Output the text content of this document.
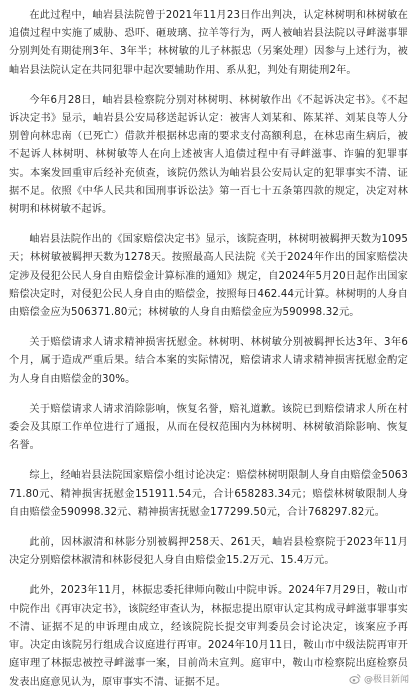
在此过程中，岫岩县法院曾于2021年11月23日作出判决，认定林树明和林树敏在追债过程中实施了威胁、恐吓、砸玻璃、拉羊等行为，两人被岫岩县法院以寻衅滋事罪分别判处有期徒刑3年、3年半；林树敏的儿子林振忠（另案处理）因参与上述行为，被岫岩县法院认定在共同犯罪中起次要辅助作用、系从犯，判处有期徒刑2年。

今年6月28日，岫岩县检察院分别对林树明、林树敏作出《不起诉决定书》。《不起诉决定书》显示，岫岩县公安局移送起诉认定：被害人刘某和、陈某祥、刘某良等人分别曾向林忠南（已死亡）借款并根据林忠南的要求支付高额利息，在林忠南生病后，被不起诉人林树明、林树敏等人在向上述被害人追债过程中有寻衅滋事、诈骗的犯罪事实。本案发回重审后经补充侦查，该院仍然认为岫岩县公安局认定的犯罪事实不清、证据不足。依照《中华人民共和国刑事诉讼法》第一百七十五条第四款的规定，决定对林树明和林树敏不起诉。

岫岩县法院作出的《国家赔偿决定书》显示，该院查明，林树明被羁押天数为1095天；林树敏被羁押天数为1278天。按照最高人民法院《关于2024年作出的国家赔偿决定涉及侵犯公民人身自由赔偿金计算标准的通知》规定，自2024年5月20日起作出国家赔偿决定时，对侵犯公民人身自由的赔偿金，按照每日462.44元计算。林树明的人身自由赔偿金应为506371.80元；林树敏的人身自由赔偿金应为590998.32元。

关于赔偿请求人请求精神损害抚慰金。林树明、林树敏分别被羁押长达3年、3年6个月，属于造成严重后果。结合本案的实际情况，赔偿请求人请求精神损害抚慰金酌定为人身自由赔偿金的30%。

关于赔偿请求人请求消除影响，恢复名誉，赔礼道歉。该院已到赔偿请求人所在村委会及其原工作单位进行了通报，从而在侵权范围内为林树明、林树敏消除影响、恢复名誉。

综上，经岫岩县法院国家赔偿小组讨论决定：赔偿林树明限制人身自由赔偿金506371.80元、精神损害抚慰金151911.54元，合计658283.34元；赔偿林树敏限制人身自由赔偿金590998.32元、精神损害抚慰金177299.50元，合计768297.82元。

此前，因林淑清和林影分别被羁押258天、261天，岫岩县检察院于2023年11月决定分别赔偿林淑清和林影侵犯人身自由赔偿金15.2万元、15.4万元。

此外，2023年11月，林振忠委托律师向鞍山中院申诉。2024年7月29日，鞍山市中院作出《再审决定书》，该院经审查认为，林振忠提出原审认定其构成寻衅滋事罪事实不清、证据不足的申诉理由成立，经该院院长提交审判委员会讨论决定，该案应予再审。决定由该院另行组成合议庭进行再审。2024年10月11日，鞍山市中级法院再审开庭审理了林振忠被控寻衅滋事一案，目前尚未宣判。庭审中，鞍山市检察院出庭检察员发表出庭意见认为，原审事实不清、证据不足。	@极目新闻
